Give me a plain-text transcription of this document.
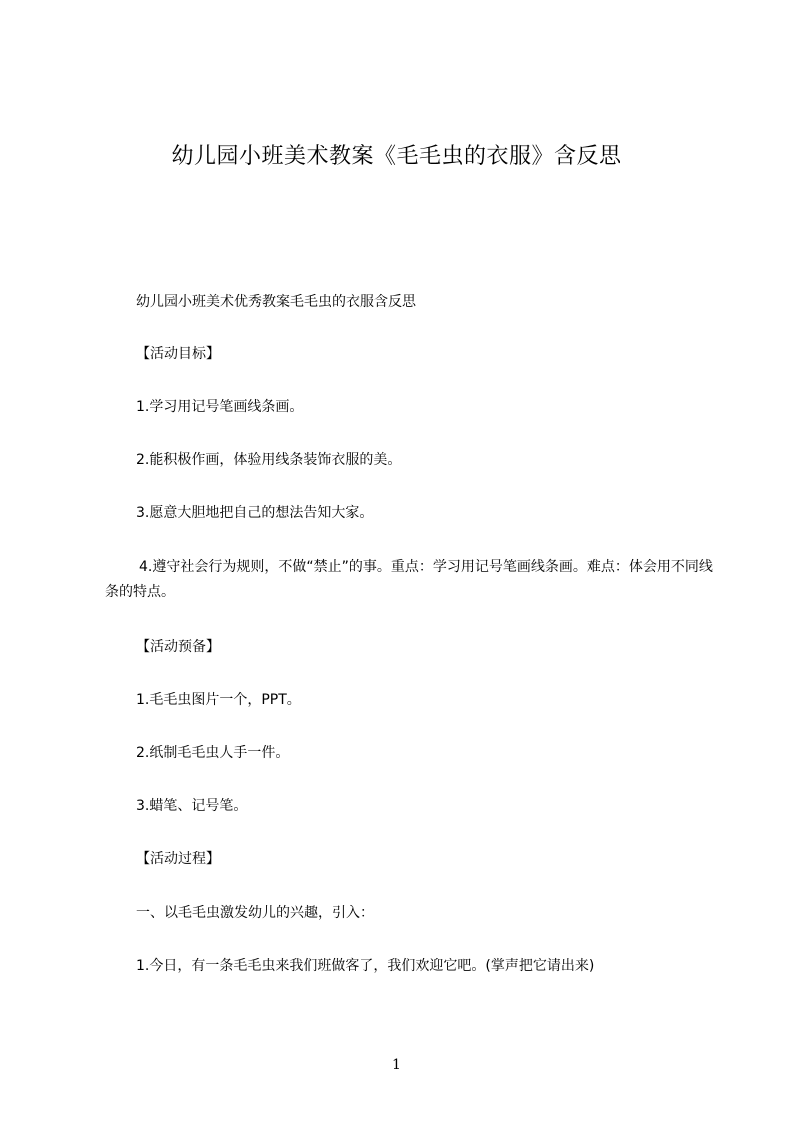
幼儿园小班美术教案《毛毛虫的衣服》含反思
幼儿园小班美术优秀教案毛毛虫的衣服含反思
【活动目标】
1.学习用记号笔画线条画。
2.能积极作画，体验用线条装饰衣服的美。
3.愿意大胆地把自己的想法告知大家。
4.遵守社会行为规则，不做“禁止”的事。重点：学习用记号笔画线条画。难点：体会用不同线条的特点。
【活动预备】
1.毛毛虫图片一个，PPT。
2.纸制毛毛虫人手一件。
3.蜡笔、记号笔。
【活动过程】
一、以毛毛虫激发幼儿的兴趣，引入：
1.今日，有一条毛毛虫来我们班做客了，我们欢迎它吧。(掌声把它请出来)
1
